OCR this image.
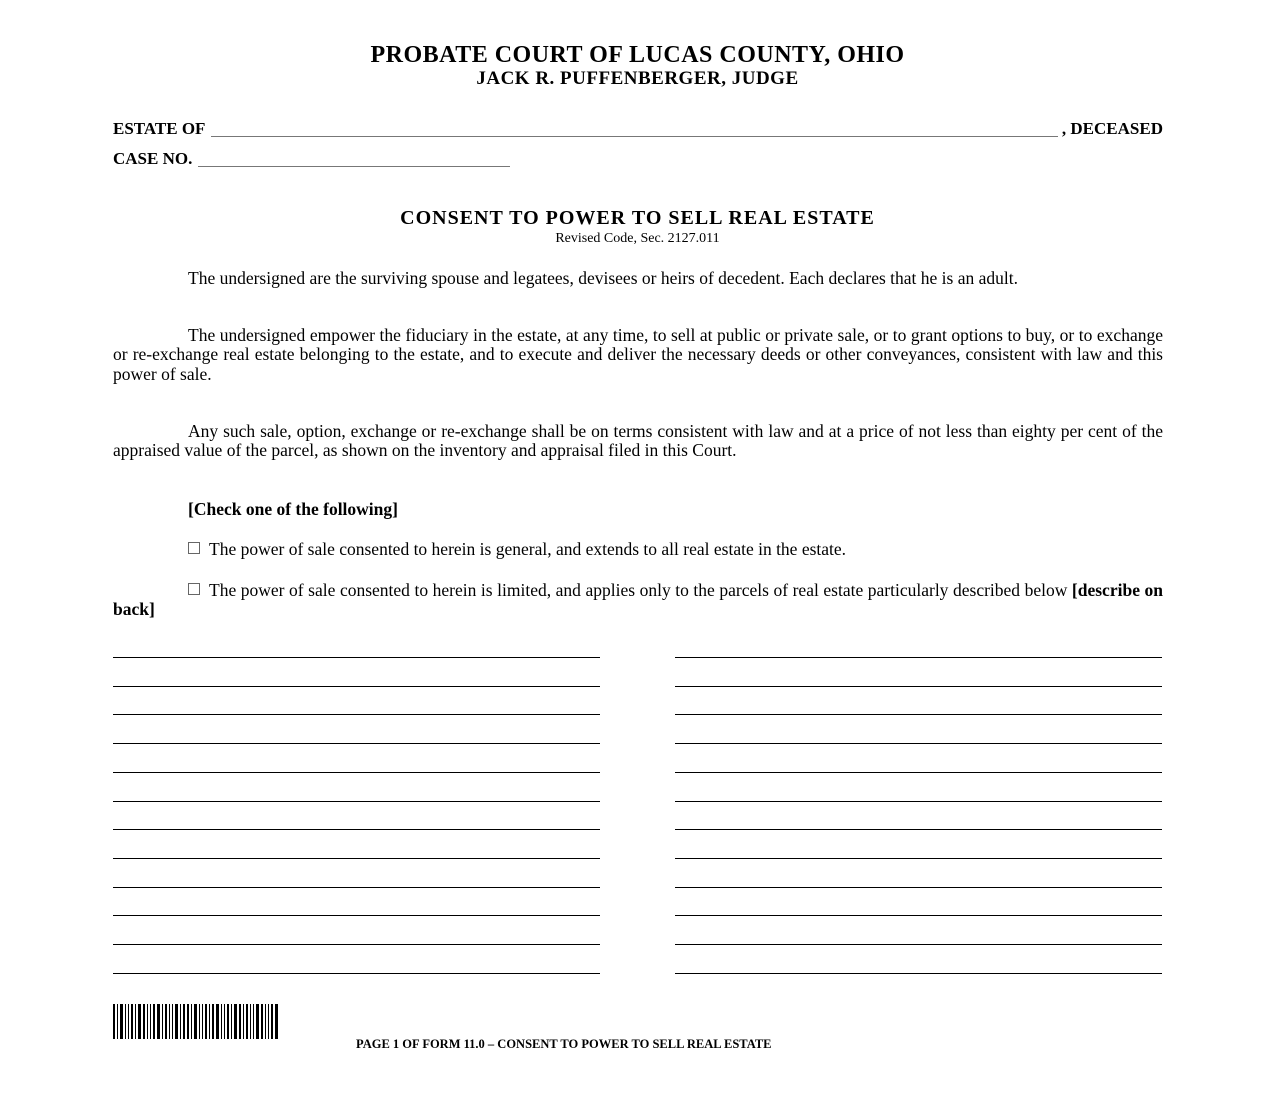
PROBATE COURT OF LUCAS COUNTY, OHIO
JACK R. PUFFENBERGER, JUDGE
ESTATE OF	, DECEASED
CASE NO.
CONSENT TO POWER TO SELL REAL ESTATE
Revised Code, Sec. 2127.011

The undersigned are the surviving spouse and legatees, devisees or heirs of decedent. Each declares that he is an adult.

The undersigned empower the fiduciary in the estate, at any time, to sell at public or private sale, or to grant options to buy, or to exchange or re-exchange real estate belonging to the estate, and to execute and deliver the necessary deeds or other conveyances, consistent with law and this power of sale.

Any such sale, option, exchange or re-exchange shall be on terms consistent with law and at a price of not less than eighty per cent of the appraised value of the parcel, as shown on the inventory and appraisal filed in this Court.

[Check one of the following]

The power of sale consented to herein is general, and extends to all real estate in the estate.

The power of sale consented to herein is limited, and applies only to the parcels of real estate particularly described below [describe on back]

PAGE 1 OF FORM 11.0 – CONSENT TO POWER TO SELL REAL ESTATE
